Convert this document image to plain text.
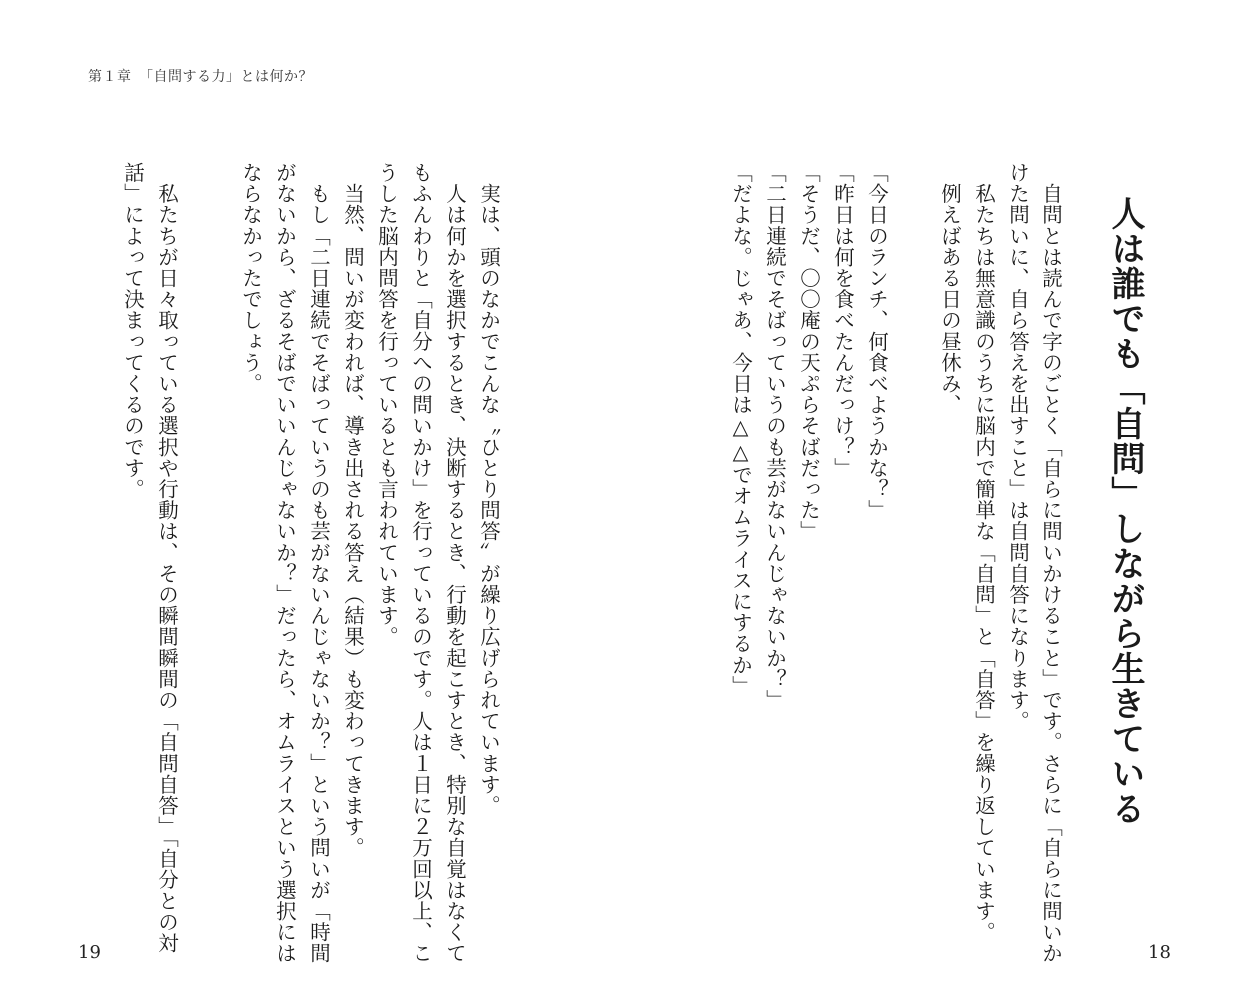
第１章　「自問する力」とは何か？
人は誰でも「自問」しながら生きている
　自問とは読んで字のごとく「自らに問いかけること」です。さらに「自らに問いか
けた問いに、自ら答えを出すこと」は自問自答になります。
　私たちは無意識のうちに脳内で簡単な「自問」と「自答」を繰り返しています。
　例えばある日の昼休み、
「今日のランチ、何食べようかな？」
「昨日は何を食べたんだっけ？」
「そうだ、〇〇庵の天ぷらそばだった」
「二日連続でそばっていうのも芸がないんじゃないか？」
「だよな。じゃあ、今日は△△でオムライスにするか」
　実は、頭のなかでこんな〝ひとり問答〟が繰り広げられています。
　人は何かを選択するとき、決断するとき、行動を起こすとき、特別な自覚はなくて
もふんわりと「自分への問いかけ」を行っているのです。人は１日に２万回以上、こ
うした脳内問答を行っているとも言われています。
　当然、問いが変われば、導き出される答え（結果）も変わってきます。
　もし「二日連続でそばっていうのも芸がないんじゃないか？」という問いが「時間
がないから、ざるそばでいいんじゃないか？」だったら、オムライスという選択には
ならなかったでしょう。
　私たちが日々取っている選択や行動は、その瞬間瞬間の「自問自答」「自分との対
話」によって決まってくるのです。
19	18
